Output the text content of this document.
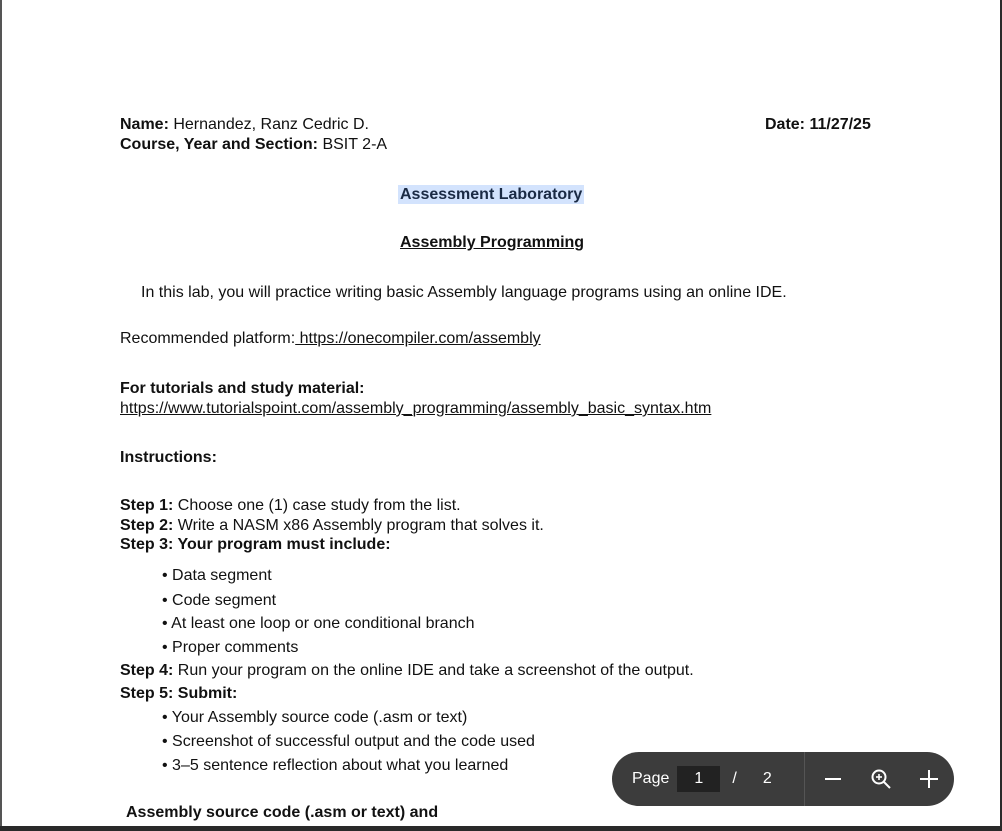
Name: Hernandez, Ranz Cedric D.	Date: 11/27/25
Course, Year and Section: BSIT 2-A
Assessment Laboratory
Assembly Programming
In this lab, you will practice writing basic Assembly language programs using an online IDE.
Recommended platform: https://onecompiler.com/assembly
For tutorials and study material:
https://www.tutorialspoint.com/assembly_programming/assembly_basic_syntax.htm
Instructions:
Step 1: Choose one (1) case study from the list.
Step 2: Write a NASM x86 Assembly program that solves it.
Step 3: Your program must include:
• Data segment
• Code segment
• At least one loop or one conditional branch
• Proper comments
Step 4: Run your program on the online IDE and take a screenshot of the output.
Step 5: Submit:
• Your Assembly source code (.asm or text)
• Screenshot of successful output and the code used
• 3–5 sentence reflection about what you learned
Assembly source code (.asm or text) and
Page
1	/ 2
